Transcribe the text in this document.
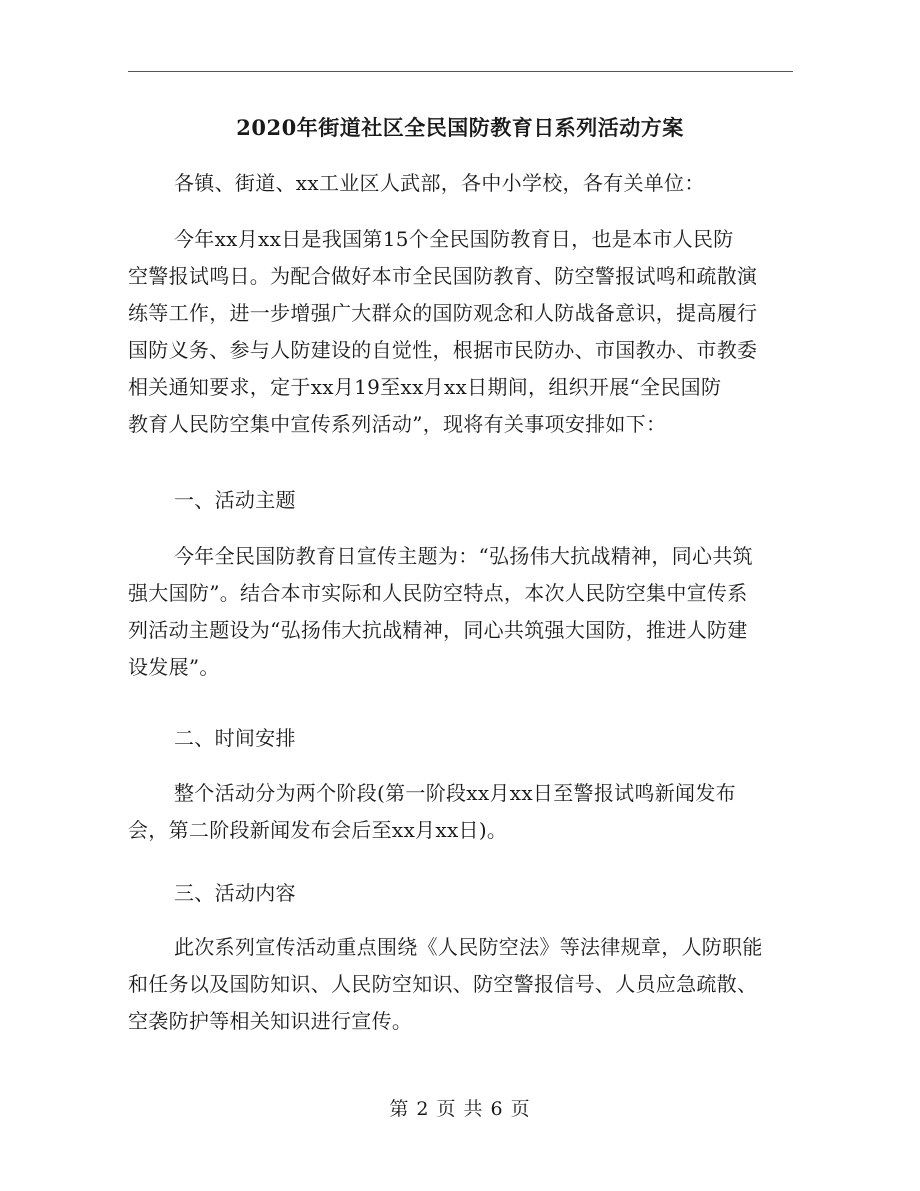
2020年街道社区全民国防教育日系列活动方案

各镇、街道、xx工业区人武部，各中小学校，各有关单位：

今年xx月xx日是我国第15个全民国防教育日，也是本市人民防
空警报试鸣日。为配合做好本市全民国防教育、防空警报试鸣和疏散演
练等工作，进一步增强广大群众的国防观念和人防战备意识，提高履行
国防义务、参与人防建设的自觉性，根据市民防办、市国教办、市教委
相关通知要求，定于xx月19至xx月xx日期间，组织开展“全民国防
教育人民防空集中宣传系列活动”，现将有关事项安排如下：

一、活动主题

今年全民国防教育日宣传主题为：“弘扬伟大抗战精神，同心共筑
强大国防”。结合本市实际和人民防空特点，本次人民防空集中宣传系
列活动主题设为“弘扬伟大抗战精神，同心共筑强大国防，推进人防建
设发展”。

二、时间安排

整个活动分为两个阶段(第一阶段xx月xx日至警报试鸣新闻发布
会，第二阶段新闻发布会后至xx月xx日)。

三、活动内容

此次系列宣传活动重点围绕《人民防空法》等法律规章，人防职能
和任务以及国防知识、人民防空知识、防空警报信号、人员应急疏散、
空袭防护等相关知识进行宣传。

第 2 页 共 6 页
